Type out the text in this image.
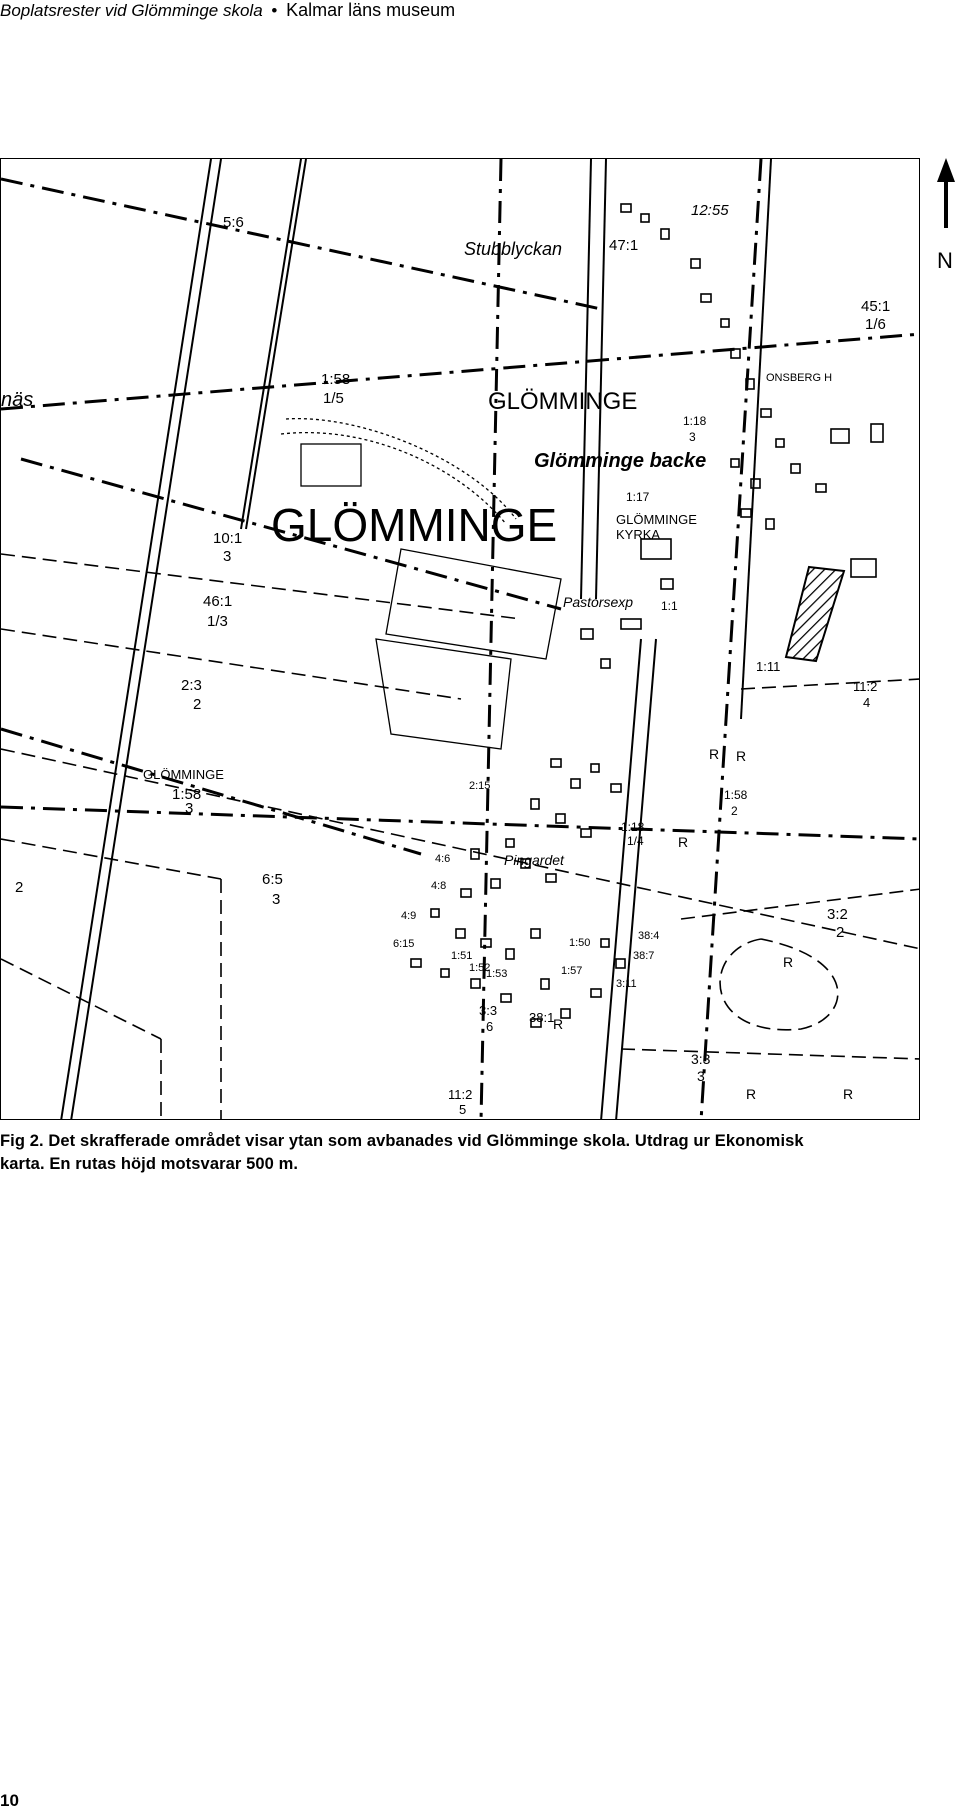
Boplatsrester vid Glömminge skola • Kalmar läns museum
GLÖMMINGE
GLÖMMINGE
GLÖMMINGE
Stubblyckan
Glömminge backe
GLÖMMINGE
KYRKA
Pastorsexp
Pingardet
ONSBERG H
näs
5:6
1:58
1/5
10:1
3
46:1
1/3
2:3
2
1:58
3
6:5
3
2
47:1
12:55
45:1
1/6
1:18
3
1:17
1:11
11:2
4
1:58
2
3:2
2
3:3
6
38:1
11:2
5
3:3
3
1:18
1/4
38:4
38:7
3:11
1:50
1:57
2:15
4:6
4:8
4:9
6:15
1:51
1:52
1:53
1:1
R R
R
R
R
R	R
N
Fig 2. Det skrafferade området visar ytan som avbanades vid Glömminge skola. Utdrag ur Ekonomisk
karta. En rutas höjd motsvarar 500 m.
10
